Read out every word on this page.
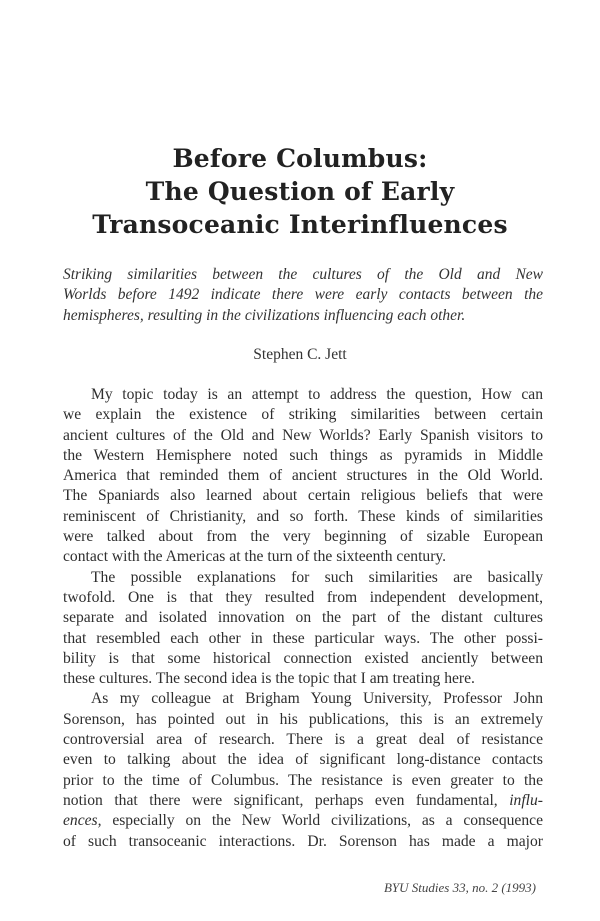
Before Columbus:
The Question of Early
Transoceanic Interinfluences
Striking similarities between the cultures of the Old and New
Worlds before 1492 indicate there were early contacts between the
hemispheres, resulting in the civilizations influencing each other.
Stephen C. Jett
My topic today is an attempt to address the question, How can
we explain the existence of striking similarities between certain
ancient cultures of the Old and New Worlds? Early Spanish visitors to
the Western Hemisphere noted such things as pyramids in Middle
America that reminded them of ancient structures in the Old World.
The Spaniards also learned about certain religious beliefs that were
reminiscent of Christianity, and so forth. These kinds of similarities
were talked about from the very beginning of sizable European
contact with the Americas at the turn of the sixteenth century.
The possible explanations for such similarities are basically
twofold. One is that they resulted from independent development,
separate and isolated innovation on the part of the distant cultures
that resembled each other in these particular ways. The other possi-
bility is that some historical connection existed anciently between
these cultures. The second idea is the topic that I am treating here.
As my colleague at Brigham Young University, Professor John
Sorenson, has pointed out in his publications, this is an extremely
controversial area of research. There is a great deal of resistance
even to talking about the idea of significant long-distance contacts
prior to the time of Columbus. The resistance is even greater to the
notion that there were significant, perhaps even fundamental, influ-
ences, especially on the New World civilizations, as a consequence
of such transoceanic interactions. Dr. Sorenson has made a major
BYU Studies 33, no. 2 (1993)
